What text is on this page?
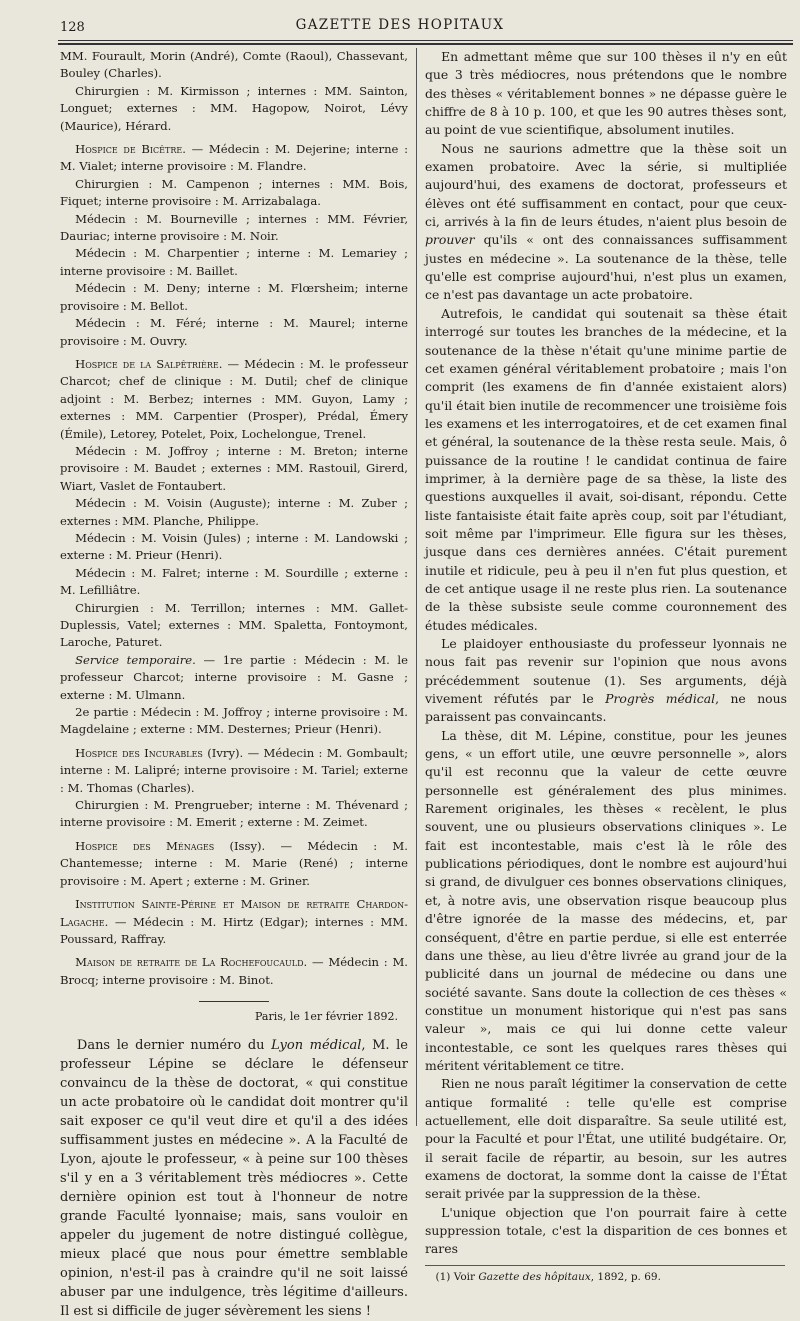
128	GAZETTE DES HOPITAUX

MM. Fourault, Morin (André), Comte (Raoul), Chassevant, Bouley (Charles).

Chirurgien : M. Kirmisson ; internes : MM. Sainton, Longuet; externes : MM. Hagopow, Noirot, Lévy (Maurice), Hérard.

Hospice de Bicêtre. — Médecin : M. Dejerine; interne : M. Vialet; interne provisoire : M. Flandre.

Chirurgien : M. Campenon ; internes : MM. Bois, Fiquet; interne provisoire : M. Arrizabalaga.

Médecin : M. Bourneville ; internes : MM. Février, Dauriac; interne provisoire : M. Noir.

Médecin : M. Charpentier ; interne : M. Lemariey ; interne provisoire : M. Baillet.

Médecin : M. Deny; interne : M. Flœrsheim; interne provisoire : M. Bellot.

Médecin : M. Féré; interne : M. Maurel; interne provisoire : M. Ouvry.

Hospice de la Salpêtrière. — Médecin : M. le professeur Charcot; chef de clinique : M. Dutil; chef de clinique adjoint : M. Berbez; internes : MM. Guyon, Lamy ; externes : MM. Carpentier (Prosper), Prédal, Émery (Émile), Letorey, Potelet, Poix, Lochelongue, Trenel.

Médecin : M. Joffroy ; interne : M. Breton; interne provisoire : M. Baudet ; externes : MM. Rastouil, Girerd, Wiart, Vaslet de Fontaubert.

Médecin : M. Voisin (Auguste); interne : M. Zuber ; externes : MM. Planche, Philippe.

Médecin : M. Voisin (Jules) ; interne : M. Landowski ; externe : M. Prieur (Henri).

Médecin : M. Falret; interne : M. Sourdille ; externe : M. Lefilliâtre.

Chirurgien : M. Terrillon; internes : MM. Gallet-Duplessis, Vatel; externes : MM. Spaletta, Fontoymont, Laroche, Paturet.

Service temporaire. — 1re partie : Médecin : M. le professeur Charcot; interne provisoire : M. Gasne ; externe : M. Ulmann.

2e partie : Médecin : M. Joffroy ; interne provisoire : M. Magdelaine ; externe : MM. Desternes; Prieur (Henri).

Hospice des Incurables (Ivry). — Médecin : M. Gombault; interne : M. Lalipré; interne provisoire : M. Tariel; externe : M. Thomas (Charles).

Chirurgien : M. Prengrueber; interne : M. Thévenard ; interne provisoire : M. Emerit ; externe : M. Zeimet.

Hospice des Ménages (Issy). — Médecin : M. Chantemesse; interne : M. Marie (René) ; interne provisoire : M. Apert ; externe : M. Griner.

Institution Sainte-Périne et Maison de retraite Chardon-Lagache. — Médecin : M. Hirtz (Edgar); internes : MM. Poussard, Raffray.

Maison de retraite de La Rochefoucauld. — Médecin : M. Brocq; interne provisoire : M. Binot.

Paris, le 1er février 1892.

Dans le dernier numéro du Lyon médical, M. le professeur Lépine se déclare le défenseur convaincu de la thèse de doctorat, « qui constitue un acte probatoire où le candidat doit montrer qu'il sait exposer ce qu'il veut dire et qu'il a des idées suffisamment justes en médecine ». A la Faculté de Lyon, ajoute le professeur, « à peine sur 100 thèses s'il y en a 3 véritablement très médiocres ». Cette dernière opinion est tout à l'honneur de notre grande Faculté lyonnaise; mais, sans vouloir en appeler du jugement de notre distingué collègue, mieux placé que nous pour émettre semblable opinion, n'est-il pas à craindre qu'il ne soit laissé abuser par une indulgence, très légitime d'ailleurs. Il est si difficile de juger sévèrement les siens !

En admettant même que sur 100 thèses il n'y en eût que 3 très médiocres, nous prétendons que le nombre des thèses « véritablement bonnes » ne dépasse guère le chiffre de 8 à 10 p. 100, et que les 90 autres thèses sont, au point de vue scientifique, absolument inutiles.

Nous ne saurions admettre que la thèse soit un examen probatoire. Avec la série, si multipliée aujourd'hui, des examens de doctorat, professeurs et élèves ont été suffisamment en contact, pour que ceux-ci, arrivés à la fin de leurs études, n'aient plus besoin de prouver qu'ils « ont des connaissances suffisamment justes en médecine ». La soutenance de la thèse, telle qu'elle est comprise aujourd'hui, n'est plus un examen, ce n'est pas davantage un acte probatoire.

Autrefois, le candidat qui soutenait sa thèse était interrogé sur toutes les branches de la médecine, et la soutenance de la thèse n'était qu'une minime partie de cet examen général véritablement probatoire ; mais l'on comprit (les examens de fin d'année existaient alors) qu'il était bien inutile de recommencer une troisième fois les examens et les interrogatoires, et de cet examen final et général, la soutenance de la thèse resta seule. Mais, ô puissance de la routine ! le candidat continua de faire imprimer, à la dernière page de sa thèse, la liste des questions auxquelles il avait, soi-disant, répondu. Cette liste fantaisiste était faite après coup, soit par l'étudiant, soit même par l'imprimeur. Elle figura sur les thèses, jusque dans ces dernières années. C'était purement inutile et ridicule, peu à peu il n'en fut plus question, et de cet antique usage il ne reste plus rien. La soutenance de la thèse subsiste seule comme couronnement des études médicales.

Le plaidoyer enthousiaste du professeur lyonnais ne nous fait pas revenir sur l'opinion que nous avons précédemment soutenue (1). Ses arguments, déjà vivement réfutés par le Progrès médical, ne nous paraissent pas convaincants.

La thèse, dit M. Lépine, constitue, pour les jeunes gens, « un effort utile, une œuvre personnelle », alors qu'il est reconnu que la valeur de cette œuvre personnelle est généralement des plus minimes. Rarement originales, les thèses « recèlent, le plus souvent, une ou plusieurs observations cliniques ». Le fait est incontestable, mais c'est là le rôle des publications périodiques, dont le nombre est aujourd'hui si grand, de divulguer ces bonnes observations cliniques, et, à notre avis, une observation risque beaucoup plus d'être ignorée de la masse des médecins, et, par conséquent, d'être en partie perdue, si elle est enterrée dans une thèse, au lieu d'être livrée au grand jour de la publicité dans un journal de médecine ou dans une société savante. Sans doute la collection de ces thèses « constitue un monument historique qui n'est pas sans valeur », mais ce qui lui donne cette valeur incontestable, ce sont les quelques rares thèses qui méritent véritablement ce titre.

Rien ne nous paraît légitimer la conservation de cette antique formalité : telle qu'elle est comprise actuellement, elle doit disparaître. Sa seule utilité est, pour la Faculté et pour l'État, une utilité budgétaire. Or, il serait facile de répartir, au besoin, sur les autres examens de doctorat, la somme dont la caisse de l'État serait privée par la suppression de la thèse.

L'unique objection que l'on pourrait faire à cette suppression totale, c'est la disparition de ces bonnes et rares

(1) Voir Gazette des hôpitaux, 1892, p. 69.
